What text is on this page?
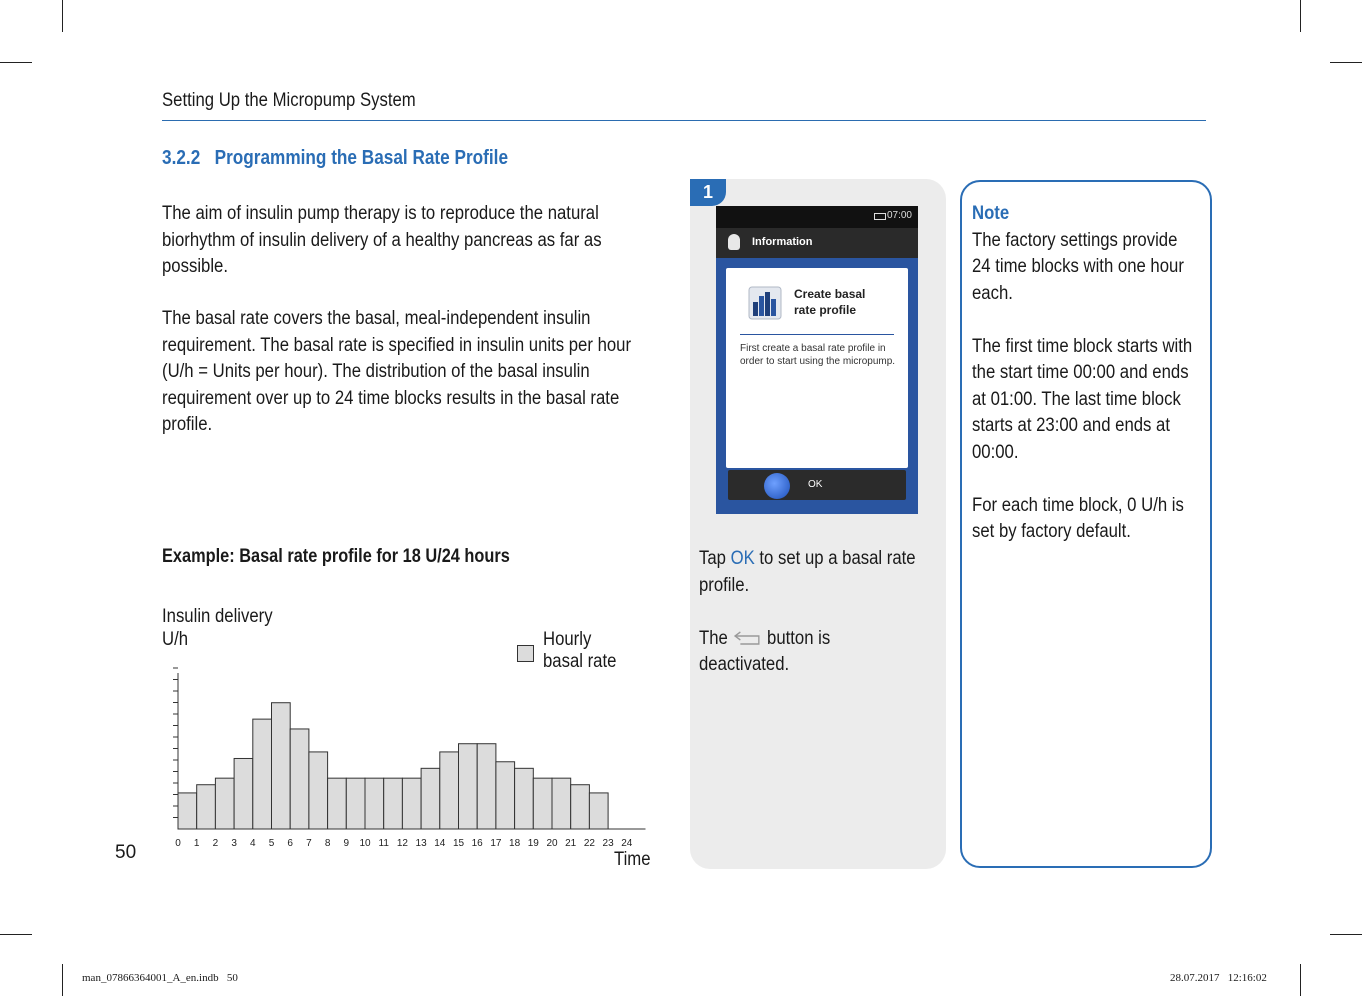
Setting Up the Micropump System
3.2.2 Programming the Basal Rate Profile
The aim of insulin pump therapy is to reproduce the natural biorhythm of insulin delivery of a healthy pancreas as far as possible.
The basal rate covers the basal, meal-independent insulin requirement. The basal rate is specified in insulin units per hour (U/h = Units per hour). The distribution of the basal insulin requirement over up to 24 time blocks results in the basal rate profile.
Example: Basal rate profile for 18 U/24 hours
Insulin delivery
U/h	Hourly
basal rate
0 1 2 3 4 5 6 7 8 9 10 11 12 13 14 15 16 17 18 19 20 21 22 23 24
Time
50
1
07:00
Information
Create basal
rate profile
First create a basal rate profile in order to start using the micropump.
OK
Tap OK to set up a basal rate profile.
The  button is deactivated.
Note
The factory settings provide 24 time blocks with one hour each.
The first time block starts with the start time 00:00 and ends at 01:00. The last time block starts at 23:00 and ends at 00:00.
For each time block, 0 U/h is set by factory default.
man_07866364001_A_en.indb   50	28.07.2017   12:16:02
